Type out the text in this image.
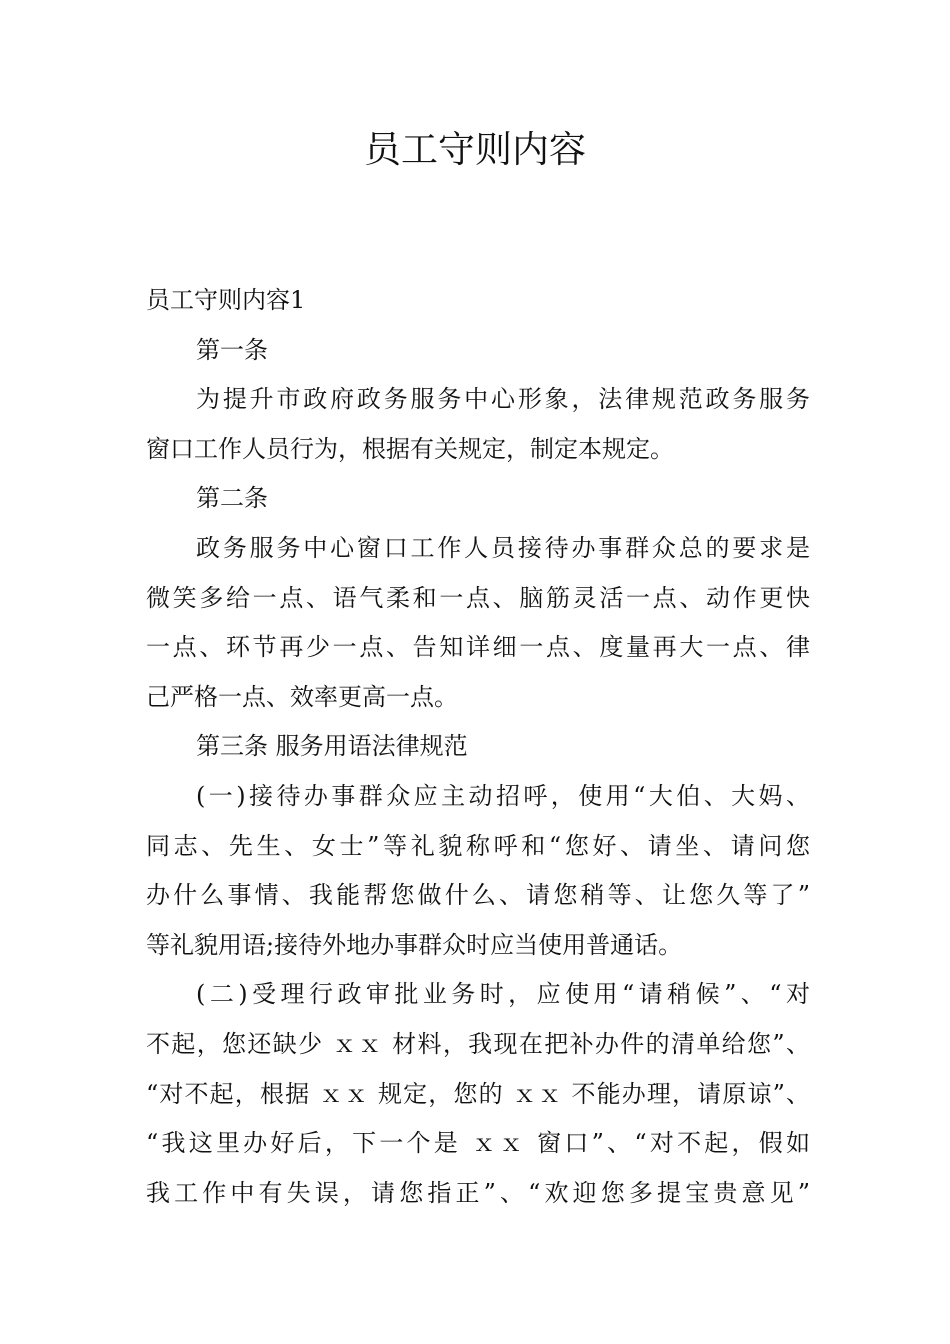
员工守则内容
员工守则内容1
第一条
为提升市政府政务服务中心形象，法律规范政务服务
窗口工作人员行为，根据有关规定，制定本规定。
第二条
政务服务中心窗口工作人员接待办事群众总的要求是
微笑多给一点、语气柔和一点、脑筋灵活一点、动作更快
一点、环节再少一点、告知详细一点、度量再大一点、律
己严格一点、效率更高一点。
第三条 服务用语法律规范
(一)接待办事群众应主动招呼，使用“大伯、大妈、
同志、先生、女士”等礼貌称呼和“您好、请坐、请问您
办什么事情、我能帮您做什么、请您稍等、让您久等了”
等礼貌用语;接待外地办事群众时应当使用普通话。
(二)受理行政审批业务时，应使用“请稍候”、“对
不起，您还缺少 ｘｘ 材料，我现在把补办件的清单给您”、
“对不起，根据 ｘｘ 规定，您的 ｘｘ 不能办理，请原谅”、
“我这里办好后，下一个是 ｘｘ 窗口”、“对不起，假如
我工作中有失误，请您指正”、“欢迎您多提宝贵意见”
